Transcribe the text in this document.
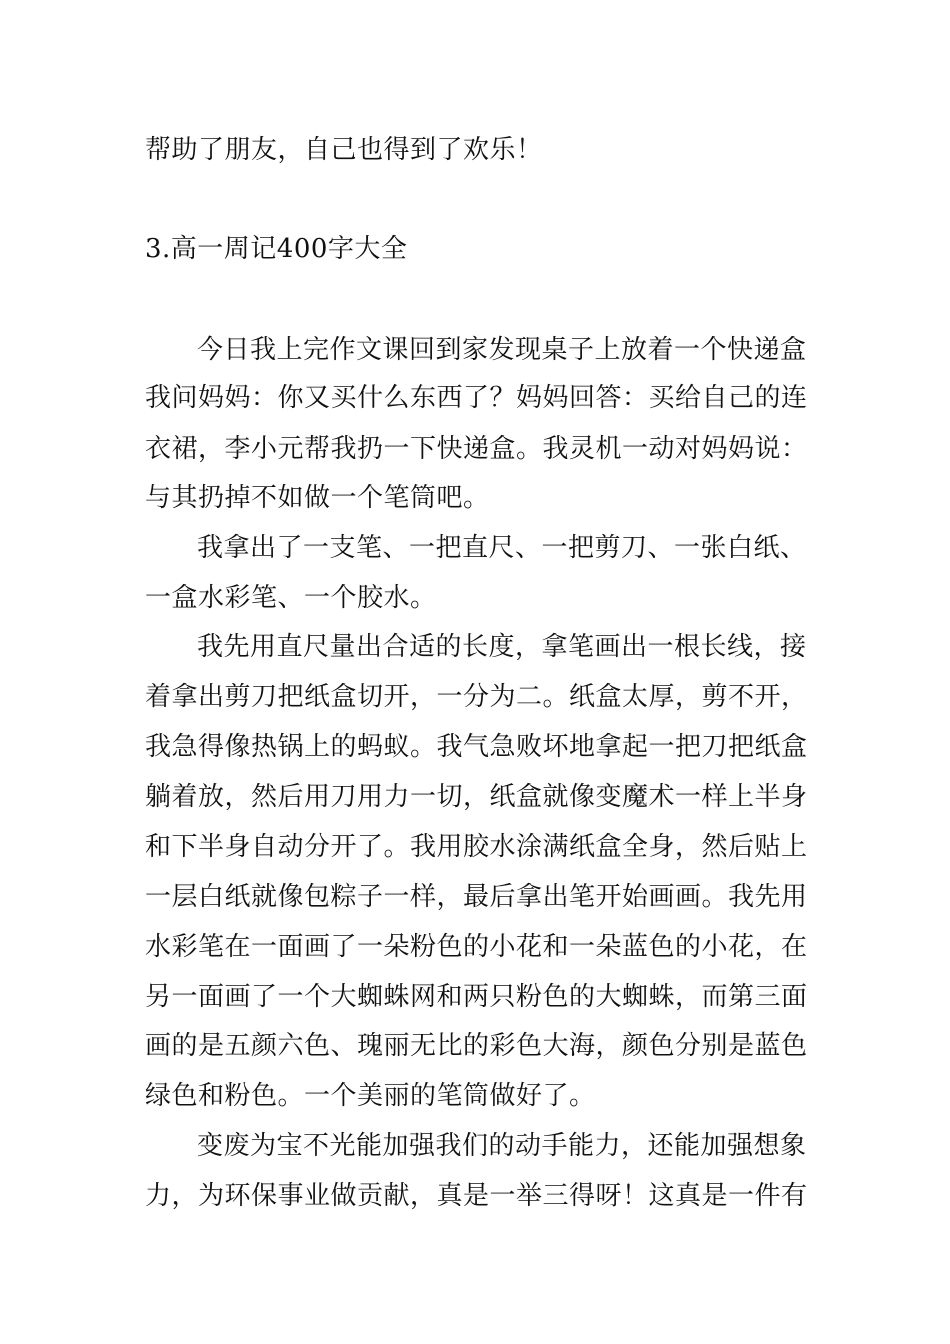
帮助了朋友，自己也得到了欢乐！
3.高一周记400字大全
今日我上完作文课回到家发现桌子上放着一个快递盒
我问妈妈：你又买什么东西了？妈妈回答：买给自己的连
衣裙，李小元帮我扔一下快递盒。我灵机一动对妈妈说：
与其扔掉不如做一个笔筒吧。
我拿出了一支笔、一把直尺、一把剪刀、一张白纸、
一盒水彩笔、一个胶水。
我先用直尺量出合适的长度，拿笔画出一根长线，接
着拿出剪刀把纸盒切开，一分为二。纸盒太厚，剪不开，
我急得像热锅上的蚂蚁。我气急败坏地拿起一把刀把纸盒
躺着放，然后用刀用力一切，纸盒就像变魔术一样上半身
和下半身自动分开了。我用胶水涂满纸盒全身，然后贴上
一层白纸就像包粽子一样，最后拿出笔开始画画。我先用
水彩笔在一面画了一朵粉色的小花和一朵蓝色的小花，在
另一面画了一个大蜘蛛网和两只粉色的大蜘蛛，而第三面
画的是五颜六色、瑰丽无比的彩色大海，颜色分别是蓝色
绿色和粉色。一个美丽的笔筒做好了。
变废为宝不光能加强我们的动手能力，还能加强想象
力，为环保事业做贡献，真是一举三得呀！这真是一件有
